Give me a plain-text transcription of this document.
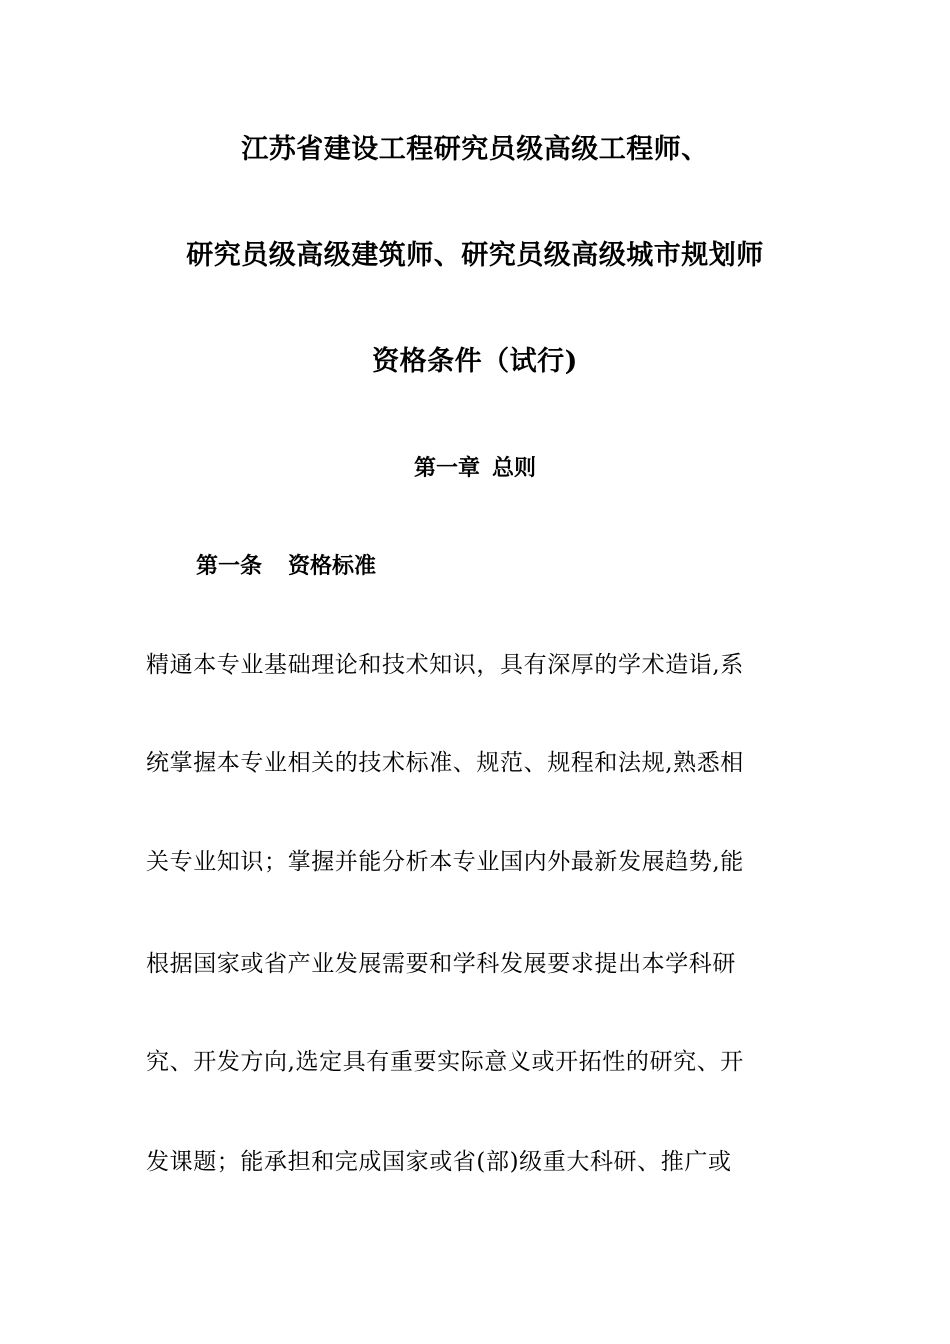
江苏省建设工程研究员级高级工程师、
研究员级高级建筑师、研究员级高级城市规划师
资格条件（试行)
第一章 总则
第一条 资格标准
精通本专业基础理论和技术知识，具有深厚的学术造诣,系
统掌握本专业相关的技术标准、规范、规程和法规,熟悉相
关专业知识；掌握并能分析本专业国内外最新发展趋势,能
根据国家或省产业发展需要和学科发展要求提出本学科研
究、开发方向,选定具有重要实际意义或开拓性的研究、开
发课题；能承担和完成国家或省(部)级重大科研、推广或
